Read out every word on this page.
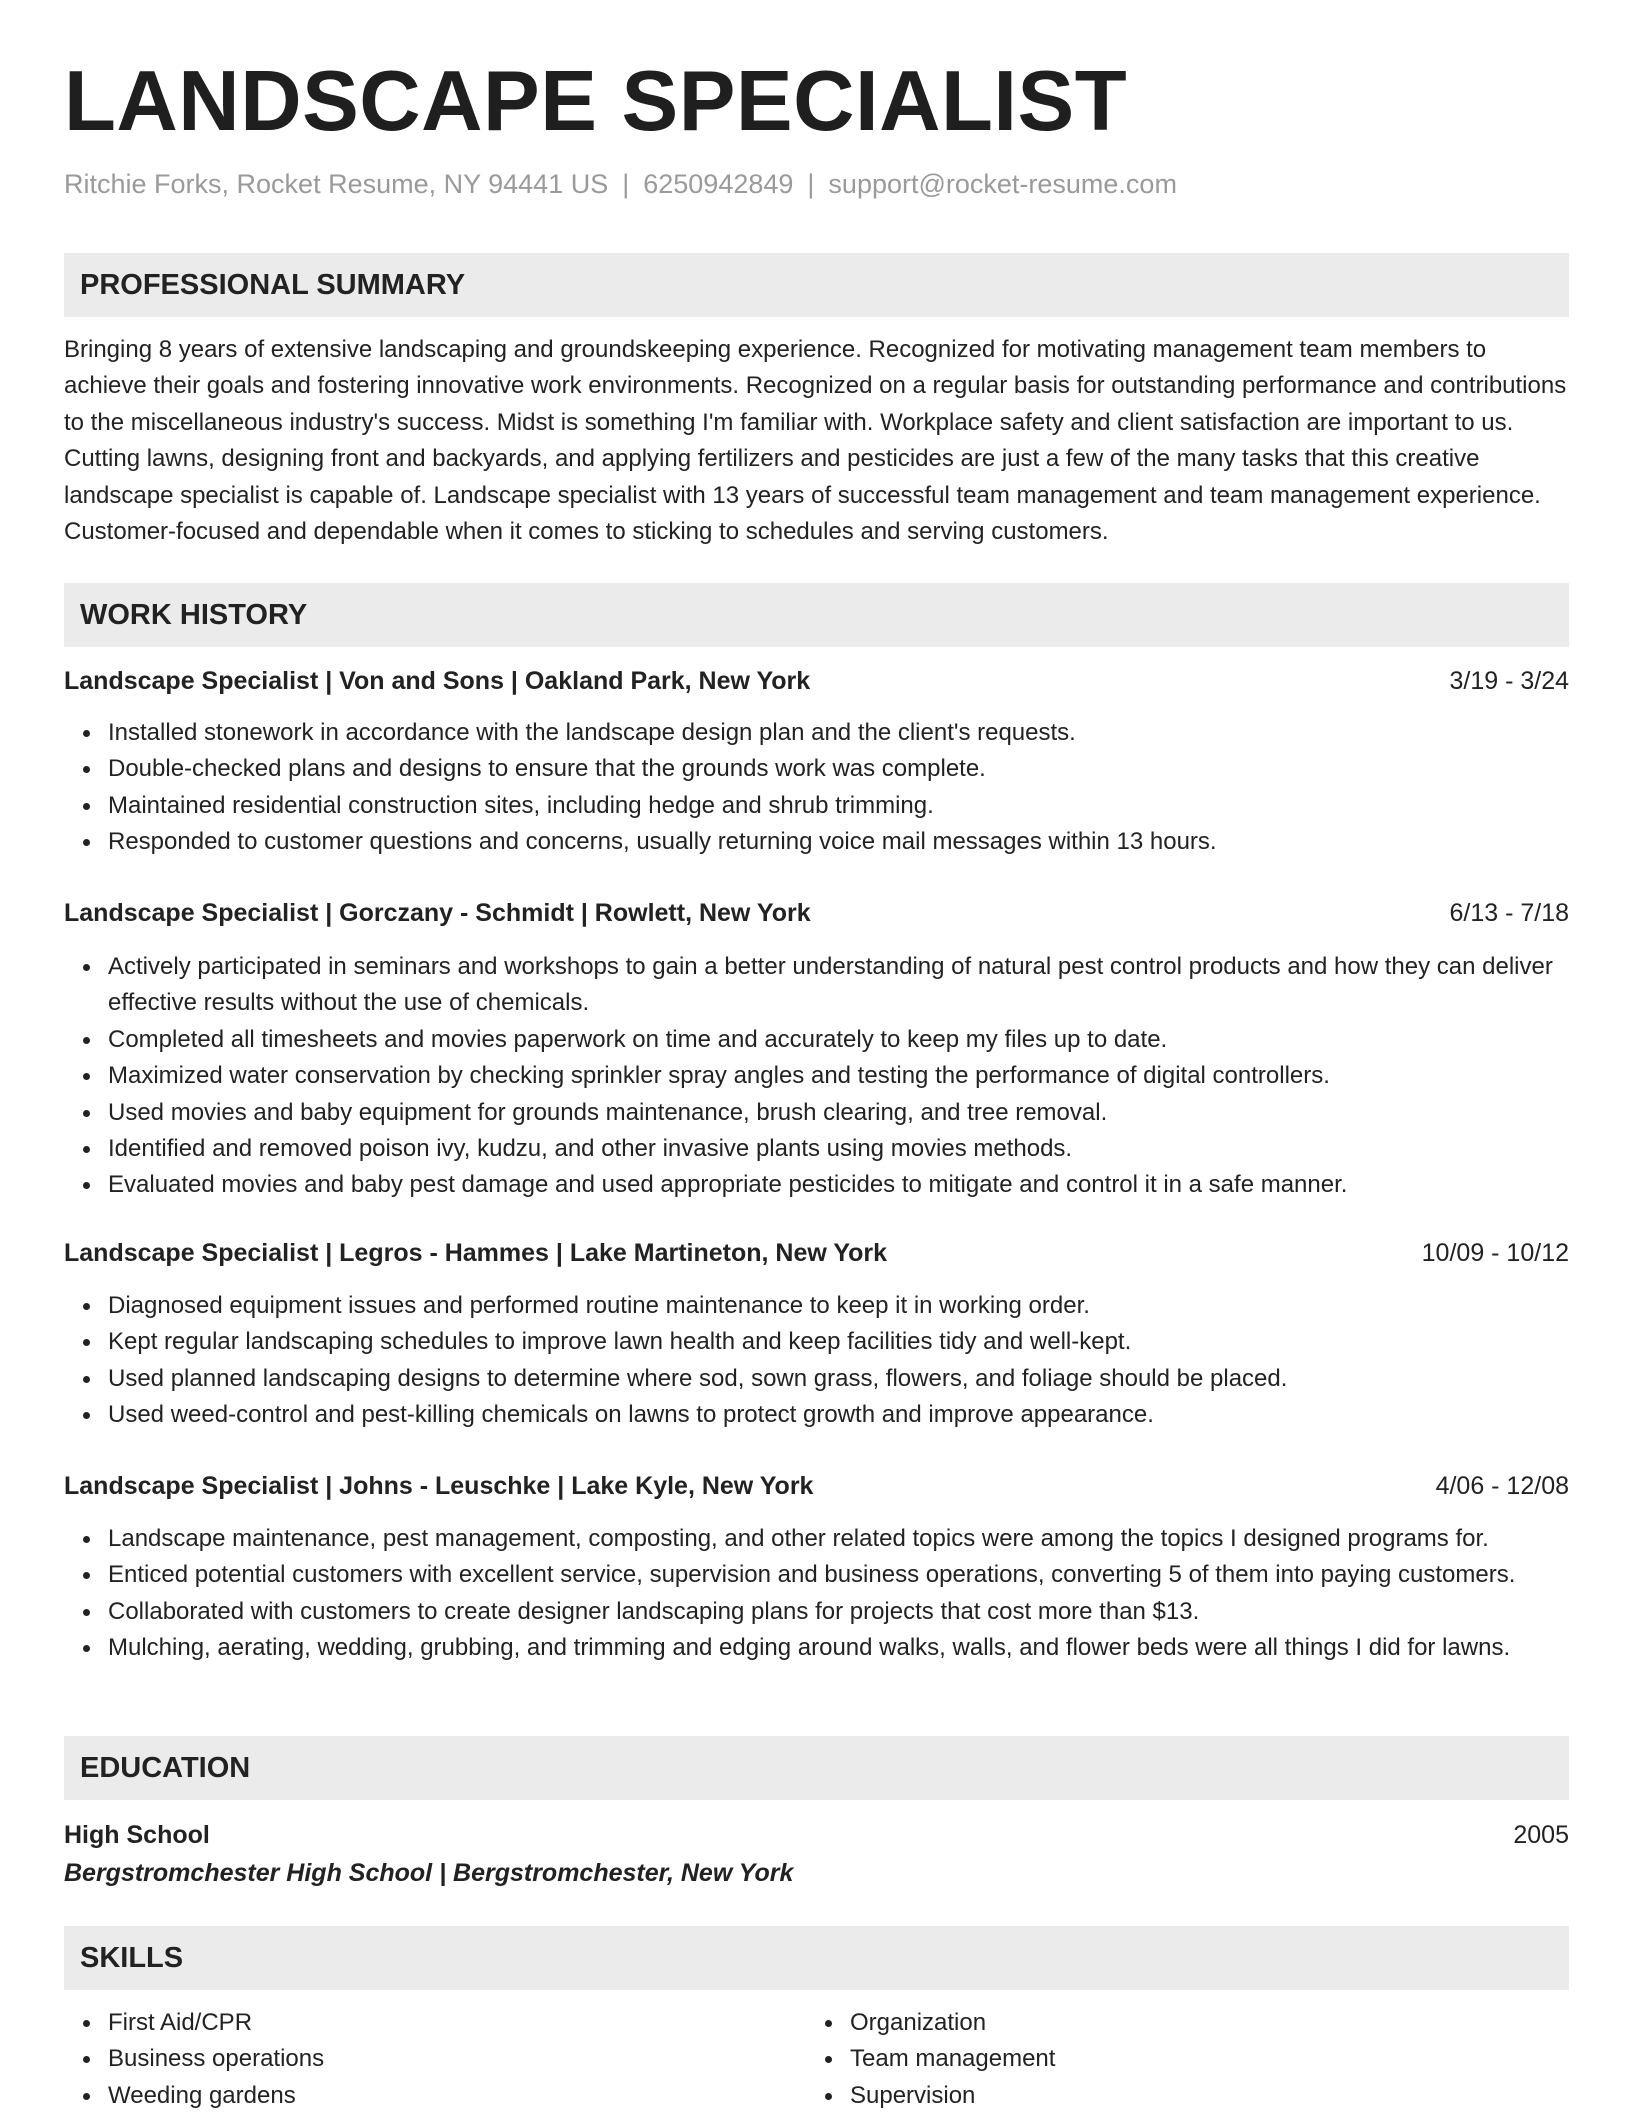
LANDSCAPE SPECIALIST
Ritchie Forks, Rocket Resume, NY 94441 US | 6250942849 | support@rocket-resume.com
PROFESSIONAL SUMMARY

Bringing 8 years of extensive landscaping and groundskeeping experience. Recognized for motivating management team members to achieve their goals and fostering innovative work environments. Recognized on a regular basis for outstanding performance and contributions to the miscellaneous industry's success. Midst is something I'm familiar with. Workplace safety and client satisfaction are important to us. Cutting lawns, designing front and backyards, and applying fertilizers and pesticides are just a few of the many tasks that this creative landscape specialist is capable of. Landscape specialist with 13 years of successful team management and team management experience. Customer-focused and dependable when it comes to sticking to schedules and serving customers.

WORK HISTORY
Landscape Specialist | Von and Sons | Oakland Park, New York	3/19 - 3/24
Installed stonework in accordance with the landscape design plan and the client's requests.
Double-checked plans and designs to ensure that the grounds work was complete.
Maintained residential construction sites, including hedge and shrub trimming.
Responded to customer questions and concerns, usually returning voice mail messages within 13 hours.
Landscape Specialist | Gorczany - Schmidt | Rowlett, New York	6/13 - 7/18
Actively participated in seminars and workshops to gain a better understanding of natural pest control products and how they can deliver effective results without the use of chemicals.
Completed all timesheets and movies paperwork on time and accurately to keep my files up to date.
Maximized water conservation by checking sprinkler spray angles and testing the performance of digital controllers.
Used movies and baby equipment for grounds maintenance, brush clearing, and tree removal.
Identified and removed poison ivy, kudzu, and other invasive plants using movies methods.
Evaluated movies and baby pest damage and used appropriate pesticides to mitigate and control it in a safe manner.
Landscape Specialist | Legros - Hammes | Lake Martineton, New York	10/09 - 10/12
Diagnosed equipment issues and performed routine maintenance to keep it in working order.
Kept regular landscaping schedules to improve lawn health and keep facilities tidy and well-kept.
Used planned landscaping designs to determine where sod, sown grass, flowers, and foliage should be placed.
Used weed-control and pest-killing chemicals on lawns to protect growth and improve appearance.
Landscape Specialist | Johns - Leuschke | Lake Kyle, New York	4/06 - 12/08
Landscape maintenance, pest management, composting, and other related topics were among the topics I designed programs for.
Enticed potential customers with excellent service, supervision and business operations, converting 5 of them into paying customers.
Collaborated with customers to create designer landscaping plans for projects that cost more than $13.
Mulching, aerating, wedding, grubbing, and trimming and edging around walks, walls, and flower beds were all things I did for lawns.
EDUCATION
High School	2005
Bergstromchester High School | Bergstromchester, New York
SKILLS
First Aid/CPR
Business operations
Weeding gardens
Organization
Team management
Supervision
